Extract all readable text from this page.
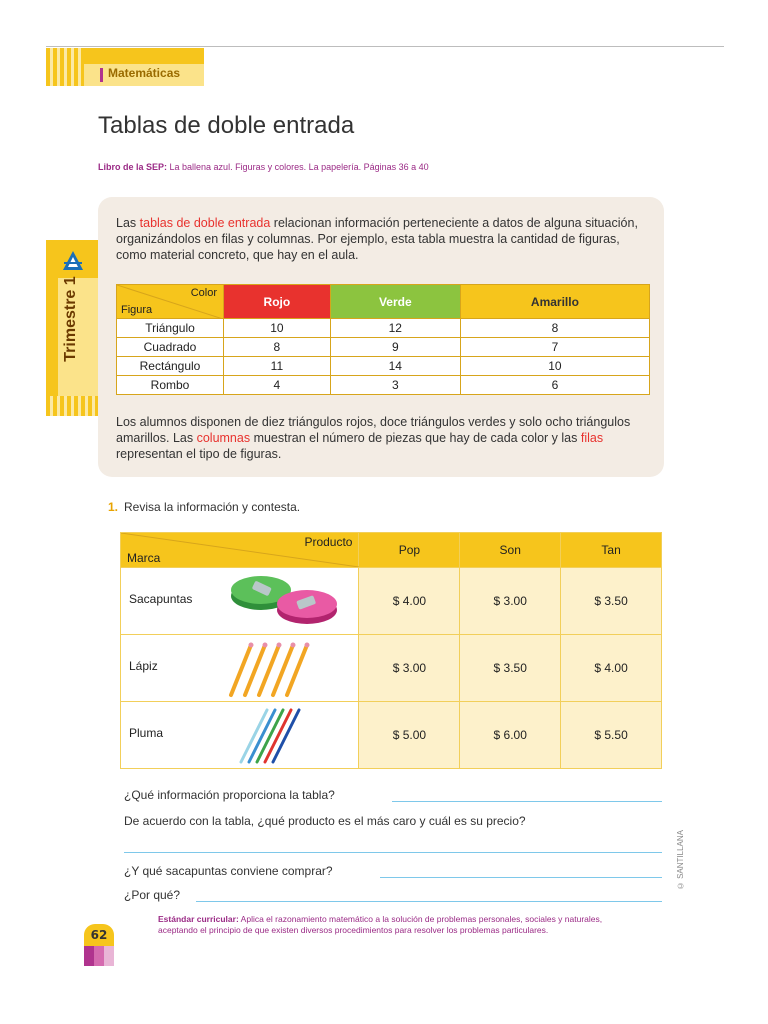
Matemáticas
Tablas de doble entrada
Libro de la SEP: La ballena azul. Figuras y colores. La papelería. Páginas 36 a 40
Trimestre 1
Las tablas de doble entrada relacionan información perteneciente a datos de alguna situación, organizándolos en filas y columnas. Por ejemplo, esta tabla muestra la cantidad de figuras, como material concreto, que hay en el aula.
Color
Figura	Rojo	Verde	Amarillo
Triángulo	10	12	8
Cuadrado	8	9	7
Rectángulo	11	14	10
Rombo	4	3	6
Los alumnos disponen de diez triángulos rojos, doce triángulos verdes y solo ocho triángulos amarillos. Las columnas muestran el número de piezas que hay de cada color y las filas representan el tipo de figuras.
1. Revisa la información y contesta.
Producto
Marca	Pop	Son	Tan

Sacapuntas	$ 4.00	$ 3.00	$ 3.50

Lápiz	$ 3.00	$ 3.50	$ 4.00

Pluma	$ 5.00	$ 6.00	$ 5.50
¿Qué información proporciona la tabla?
De acuerdo con la tabla, ¿qué producto es el más caro y cuál es su precio?
¿Y qué sacapuntas conviene comprar?
¿Por qué?
© SANTILLANA
Estándar curricular: Aplica el razonamiento matemático a la solución de problemas personales, sociales y naturales, aceptando el principio de que existen diversos procedimientos para resolver los problemas particulares.
62
